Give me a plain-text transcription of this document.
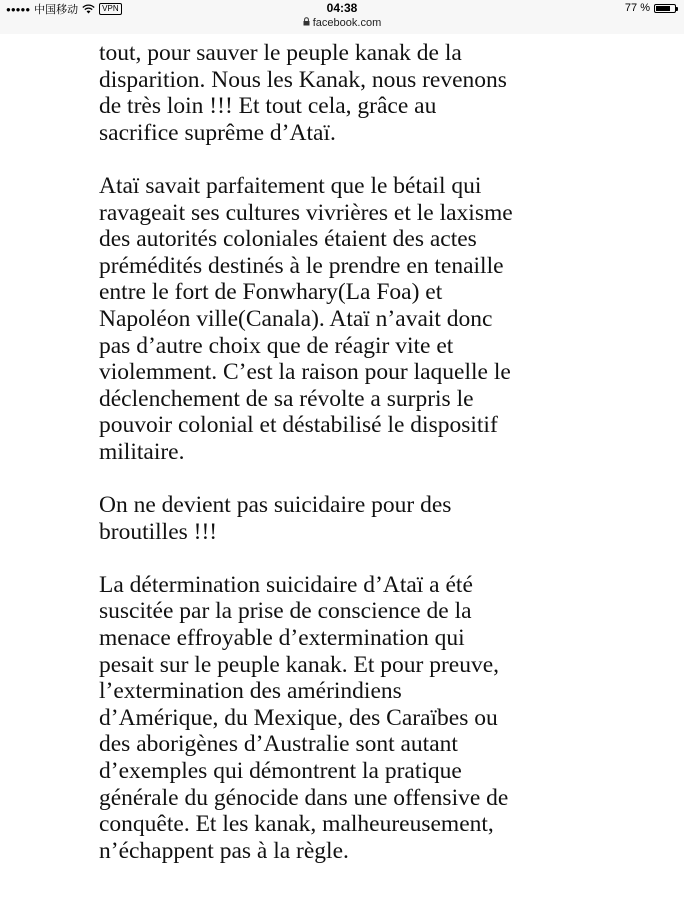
●●●●● 中国移动	VPN	04:38
facebook.com
77 %

tout, pour sauver le peuple kanak de la
disparition. Nous les Kanak, nous revenons
de très loin !!! Et tout cela, grâce au
sacrifice suprême d’Ataï.

Ataï savait parfaitement que le bétail qui
ravageait ses cultures vivrières et le laxisme
des autorités coloniales étaient des actes
prémédités destinés à le prendre en tenaille
entre le fort de Fonwhary(La Foa) et
Napoléon ville(Canala). Ataï n’avait donc
pas d’autre choix que de réagir vite et
violemment. C’est la raison pour laquelle le
déclenchement de sa révolte a surpris le
pouvoir colonial et déstabilisé le dispositif
militaire.

On ne devient pas suicidaire pour des
broutilles !!!

La détermination suicidaire d’Ataï a été
suscitée par la prise de conscience de la
menace effroyable d’extermination qui
pesait sur le peuple kanak. Et pour preuve,
l’extermination des amérindiens
d’Amérique, du Mexique, des Caraïbes ou
des aborigènes d’Australie sont autant
d’exemples qui démontrent la pratique
générale du génocide dans une offensive de
conquête. Et les kanak, malheureusement,
n’échappent pas à la règle.
